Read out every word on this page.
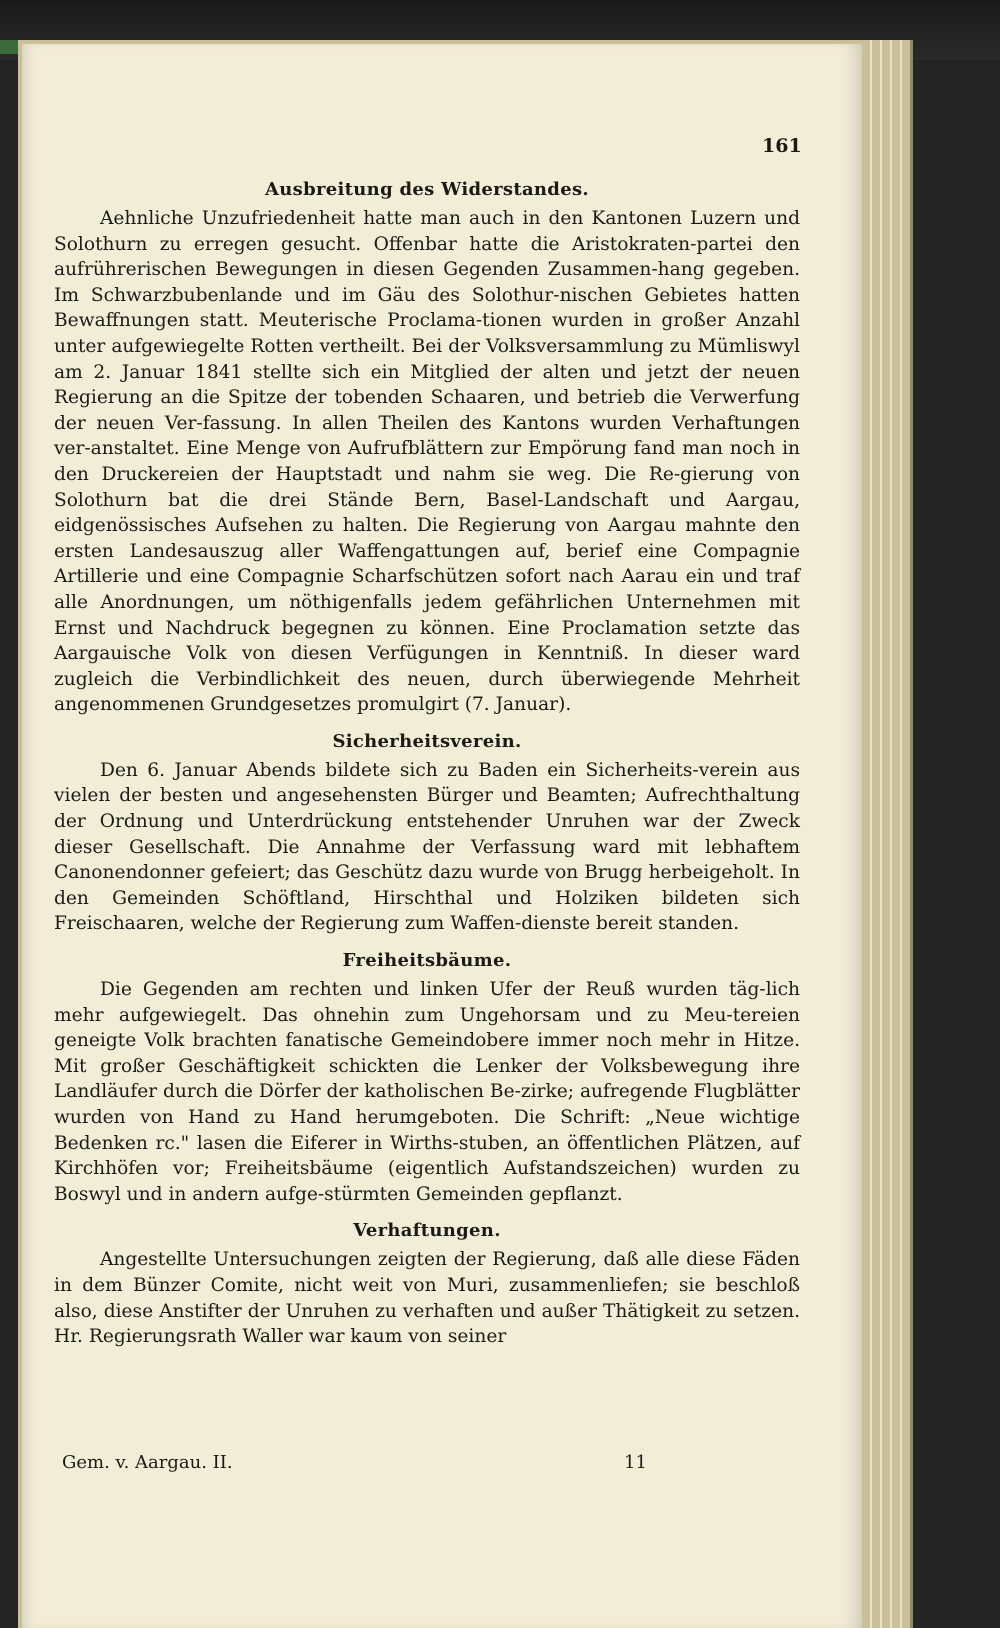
161
Ausbreitung des Widerstandes.

Aehnliche Unzufriedenheit hatte man auch in den Kantonen Luzern und Solothurn zu erregen gesucht. Offenbar hatte die Aristokraten-partei den aufrührerischen Bewegungen in diesen Gegenden Zusammen-hang gegeben. Im Schwarzbubenlande und im Gäu des Solothur-nischen Gebietes hatten Bewaffnungen statt. Meuterische Proclama-tionen wurden in großer Anzahl unter aufgewiegelte Rotten vertheilt. Bei der Volksversammlung zu Mümliswyl am 2. Januar 1841 stellte sich ein Mitglied der alten und jetzt der neuen Regierung an die Spitze der tobenden Schaaren, und betrieb die Verwerfung der neuen Ver-fassung. In allen Theilen des Kantons wurden Verhaftungen ver-anstaltet. Eine Menge von Aufrufblättern zur Empörung fand man noch in den Druckereien der Hauptstadt und nahm sie weg. Die Re-gierung von Solothurn bat die drei Stände Bern, Basel-Landschaft und Aargau, eidgenössisches Aufsehen zu halten. Die Regierung von Aargau mahnte den ersten Landesauszug aller Waffengattungen auf, berief eine Compagnie Artillerie und eine Compagnie Scharfschützen sofort nach Aarau ein und traf alle Anordnungen, um nöthigenfalls jedem gefährlichen Unternehmen mit Ernst und Nachdruck begegnen zu können. Eine Proclamation setzte das Aargauische Volk von diesen Verfügungen in Kenntniß. In dieser ward zugleich die Verbindlichkeit des neuen, durch überwiegende Mehrheit angenommenen Grundgesetzes promulgirt (7. Januar).

Sicherheitsverein.

Den 6. Januar Abends bildete sich zu Baden ein Sicherheits-verein aus vielen der besten und angesehensten Bürger und Beamten; Aufrechthaltung der Ordnung und Unterdrückung entstehender Unruhen war der Zweck dieser Gesellschaft. Die Annahme der Verfassung ward mit lebhaftem Canonendonner gefeiert; das Geschütz dazu wurde von Brugg herbeigeholt. In den Gemeinden Schöftland, Hirschthal und Holziken bildeten sich Freischaaren, welche der Regierung zum Waffen-dienste bereit standen.

Freiheitsbäume.

Die Gegenden am rechten und linken Ufer der Reuß wurden täg-lich mehr aufgewiegelt. Das ohnehin zum Ungehorsam und zu Meu-tereien geneigte Volk brachten fanatische Gemeindobere immer noch mehr in Hitze. Mit großer Geschäftigkeit schickten die Lenker der Volksbewegung ihre Landläufer durch die Dörfer der katholischen Be-zirke; aufregende Flugblätter wurden von Hand zu Hand herumgeboten. Die Schrift: „Neue wichtige Bedenken rc." lasen die Eiferer in Wirths-stuben, an öffentlichen Plätzen, auf Kirchhöfen vor; Freiheitsbäume (eigentlich Aufstandszeichen) wurden zu Boswyl und in andern aufge-stürmten Gemeinden gepflanzt.

Verhaftungen.

Angestellte Untersuchungen zeigten der Regierung, daß alle diese Fäden in dem Bünzer Comite, nicht weit von Muri, zusammenliefen; sie beschloß also, diese Anstifter der Unruhen zu verhaften und außer Thätigkeit zu setzen. Hr. Regierungsrath Waller war kaum von seiner

Gem. v. Aargau. II.	11
